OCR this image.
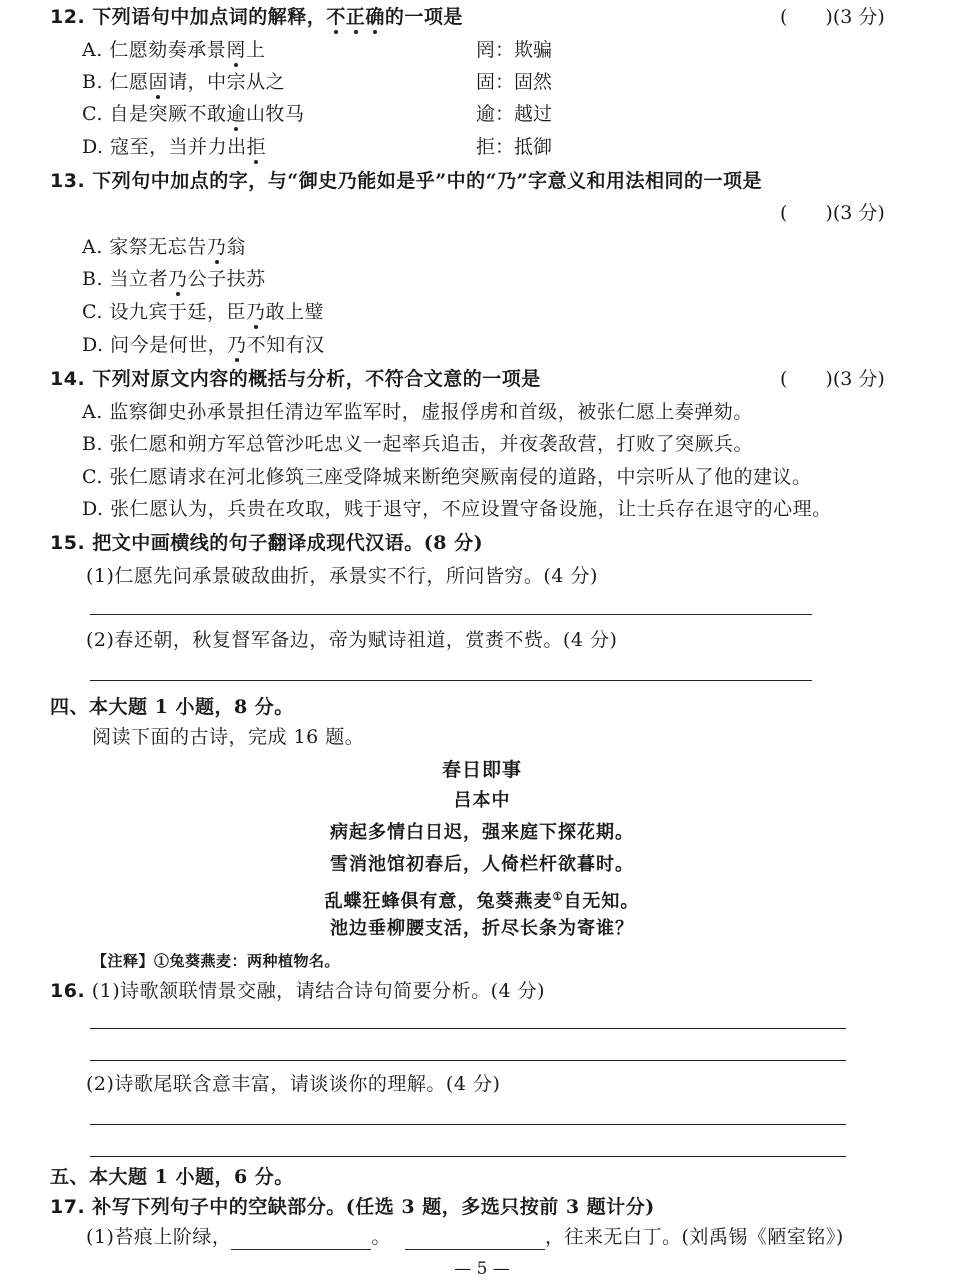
12. 下列语句中加点词的解释，不正确的一项是	(　　)(3 分)
A. 仁愿劾奏承景罔上	罔：欺骗
B. 仁愿固请，中宗从之	固：固然
C. 自是突厥不敢逾山牧马	逾：越过
D. 寇至，当并力出拒	拒：抵御
13. 下列句中加点的字，与“御史乃能如是乎”中的“乃”字意义和用法相同的一项是
(　　)(3 分)
A. 家祭无忘告乃翁
B. 当立者乃公子扶苏
C. 设九宾于廷，臣乃敢上璧
D. 问今是何世，乃不知有汉
14. 下列对原文内容的概括与分析，不符合文意的一项是	(　　)(3 分)
A. 监察御史孙承景担任清边军监军时，虚报俘虏和首级，被张仁愿上奏弹劾。
B. 张仁愿和朔方军总管沙吒忠义一起率兵追击，并夜袭敌营，打败了突厥兵。
C. 张仁愿请求在河北修筑三座受降城来断绝突厥南侵的道路，中宗听从了他的建议。
D. 张仁愿认为，兵贵在攻取，贱于退守，不应设置守备设施，让士兵存在退守的心理。
15. 把文中画横线的句子翻译成现代汉语。(8 分)
(1)仁愿先问承景破敌曲折，承景实不行，所问皆穷。(4 分)
(2)春还朝，秋复督军备边，帝为赋诗祖道，赏赉不赀。(4 分)
四、本大题 1 小题，8 分。
阅读下面的古诗，完成 16 题。
春日即事
吕本中
病起多情白日迟，强来庭下探花期。
雪消池馆初春后，人倚栏杆欲暮时。
乱蝶狂蜂俱有意，兔葵燕麦①自无知。
池边垂柳腰支活，折尽长条为寄谁？
【注释】①兔葵燕麦：两种植物名。
16. (1)诗歌颔联情景交融，请结合诗句简要分析。(4 分)
(2)诗歌尾联含意丰富，请谈谈你的理解。(4 分)
五、本大题 1 小题，6 分。
17. 补写下列句子中的空缺部分。(任选 3 题，多选只按前 3 题计分)
(1)苔痕上阶绿，	。	，往来无白丁。(刘禹锡《陋室铭》)
— 5 —
